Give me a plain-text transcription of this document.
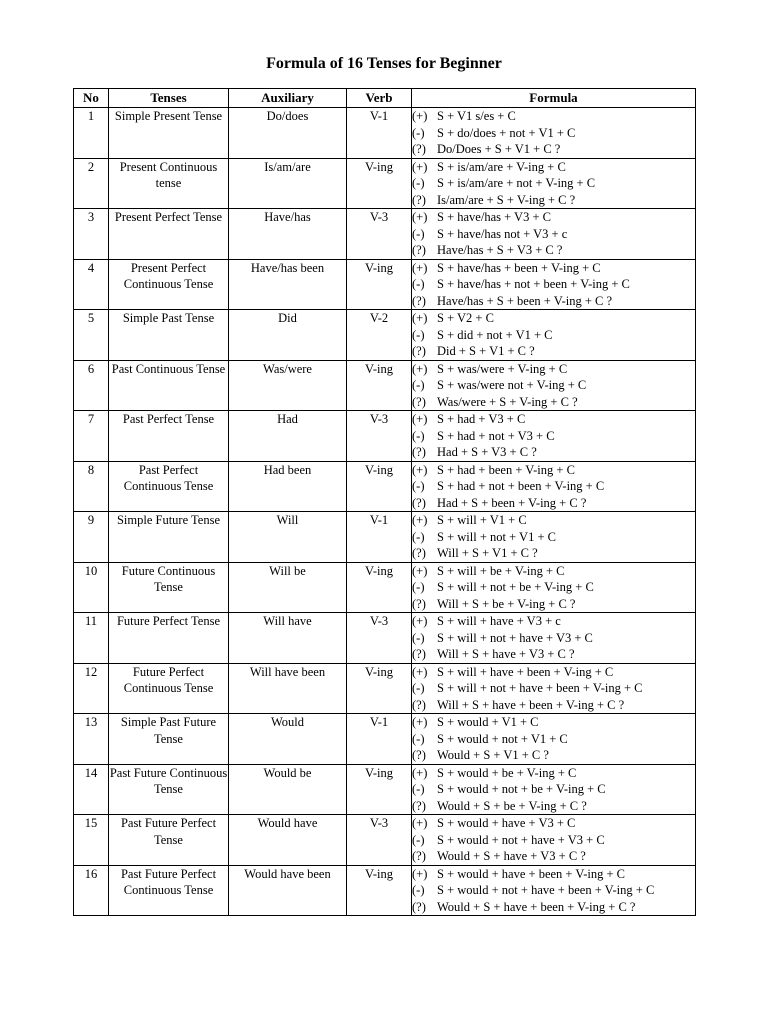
Formula of 16 Tenses for Beginner
No	Tenses	Auxiliary	Verb	Formula
1	Simple Present Tense	Do/does	V-1	(+) S + V1 s/es + C
(-) S + do/does + not + V1 + C
(?) Do/Does + S + V1 + C ?

2	Present Continuous tense	Is/am/are	V-ing	(+) S + is/am/are + V-ing + C
(-) S + is/am/are + not + V-ing + C
(?) Is/am/are + S + V-ing + C ?

3	Present Perfect Tense	Have/has	V-3	(+) S + have/has + V3 + C
(-) S + have/has not + V3 + c
(?) Have/has + S + V3 + C ?

4	Present Perfect Continuous Tense	Have/has been	V-ing	(+) S + have/has + been + V-ing + C
(-) S + have/has + not + been + V-ing + C
(?) Have/has + S + been + V-ing + C ?

5	Simple Past Tense	Did	V-2	(+) S + V2 + C
(-) S + did + not + V1 + C
(?) Did + S + V1 + C ?

6	Past Continuous Tense	Was/were	V-ing	(+) S + was/were + V-ing + C
(-) S + was/were not + V-ing + C
(?) Was/were + S + V-ing + C ?

7	Past Perfect Tense	Had	V-3	(+) S + had + V3 + C
(-) S + had + not + V3 + C
(?) Had + S + V3 + C ?

8	Past Perfect Continuous Tense	Had been	V-ing	(+) S + had + been + V-ing + C
(-) S + had + not + been + V-ing + C
(?) Had + S + been + V-ing + C ?

9	Simple Future Tense	Will	V-1	(+) S + will + V1 + C
(-) S + will + not + V1 + C
(?) Will + S + V1 + C ?

10	Future Continuous Tense	Will be	V-ing	(+) S + will + be + V-ing + C
(-) S + will + not + be + V-ing + C
(?) Will + S + be + V-ing + C ?

11	Future Perfect Tense	Will have	V-3	(+) S + will + have + V3 + c
(-) S + will + not + have + V3 + C
(?) Will + S + have + V3 + C ?

12	Future Perfect Continuous Tense	Will have been	V-ing	(+) S + will + have + been + V-ing + C
(-) S + will + not + have + been + V-ing + C
(?) Will + S + have + been + V-ing + C ?

13	Simple Past Future Tense	Would	V-1	(+) S + would + V1 + C
(-) S + would + not + V1 + C
(?) Would + S + V1 + C ?

14	Past Future Continuous Tense	Would be	V-ing	(+) S + would + be + V-ing + C
(-) S + would + not + be + V-ing + C
(?) Would + S + be + V-ing + C ?

15	Past Future Perfect Tense	Would have	V-3	(+) S + would + have + V3 + C
(-) S + would + not + have + V3 + C
(?) Would + S + have + V3 + C ?

16	Past Future Perfect Continuous Tense	Would have been	V-ing	(+) S + would + have + been + V-ing + C
(-) S + would + not + have + been + V-ing + C
(?) Would + S + have + been + V-ing + C ?
